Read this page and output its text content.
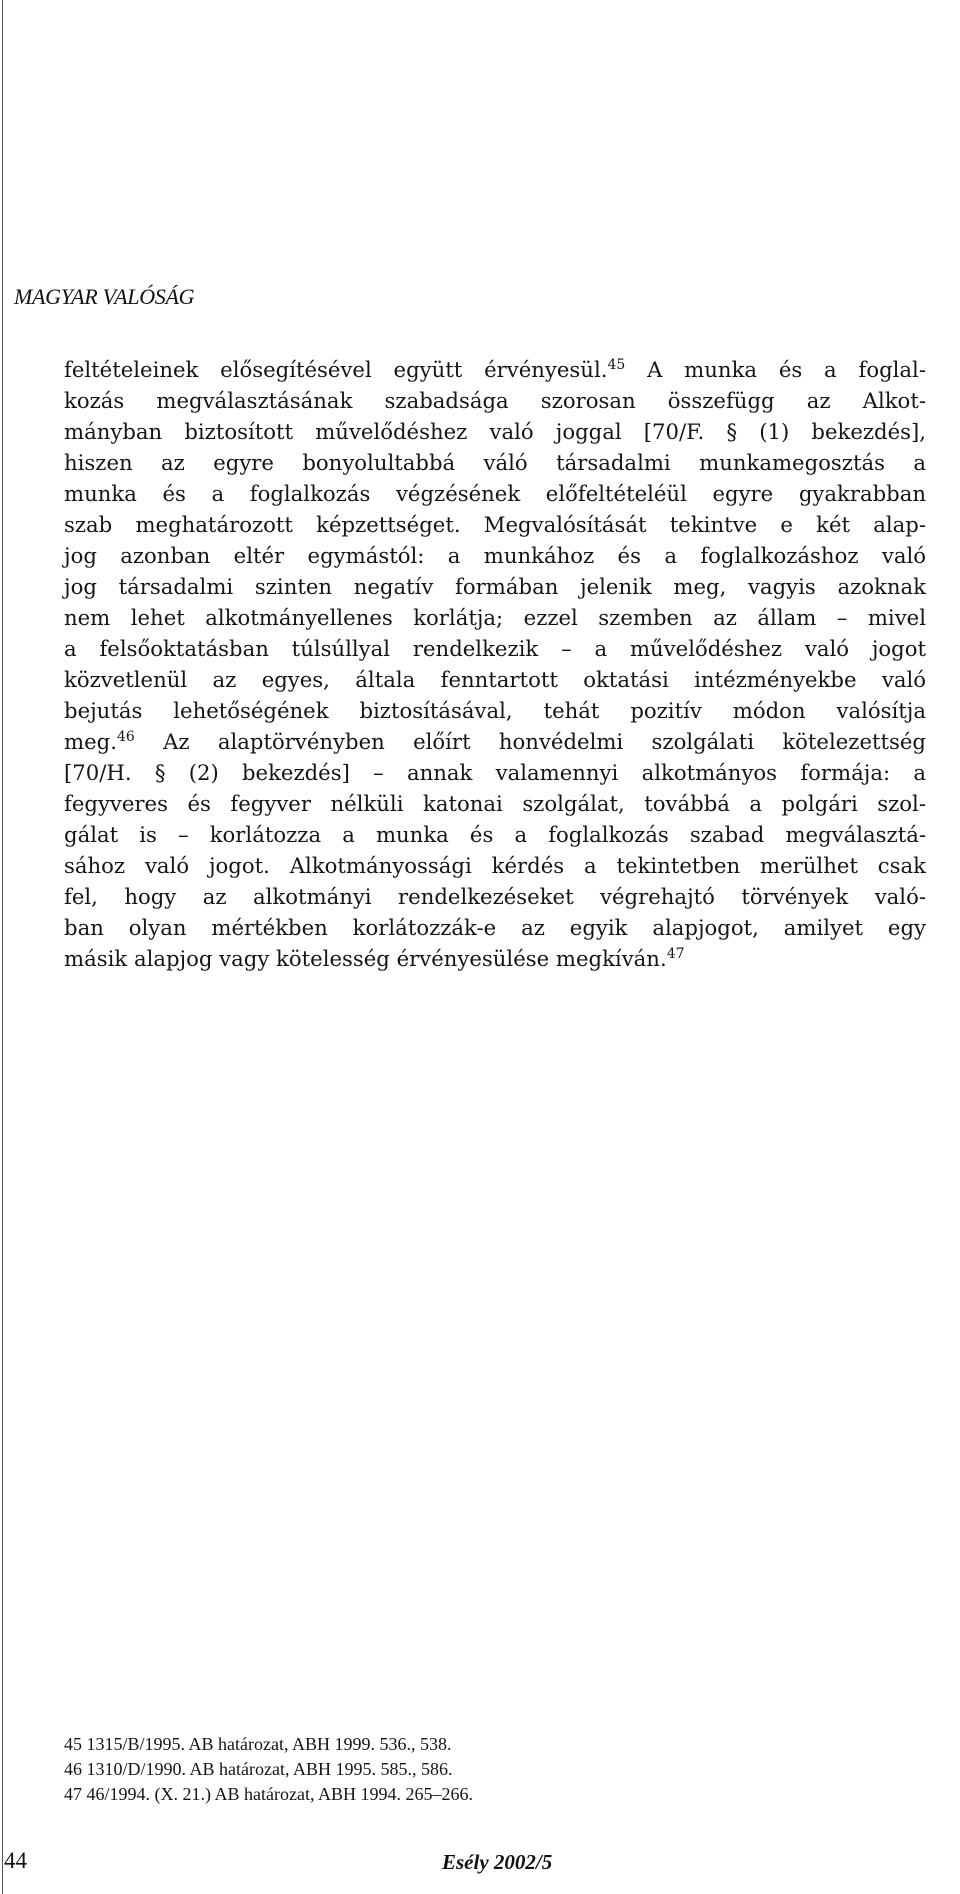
MAGYAR VALÓSÁG
feltételeinek elősegítésével együtt érvényesül.$^{45}$ A munka és a foglal-
kozás megválasztásának szabadsága szorosan összefügg az Alkot-
mányban biztosított művelődéshez való joggal [70/F. § (1) bekezdés],
hiszen az egyre bonyolultabbá váló társadalmi munkamegosztás a
munka és a foglalkozás végzésének előfeltételéül egyre gyakrabban
szab meghatározott képzettséget. Megvalósítását tekintve e két alap-
jog azonban eltér egymástól: a munkához és a foglalkozáshoz való
jog társadalmi szinten negatív formában jelenik meg, vagyis azoknak
nem lehet alkotmányellenes korlátja; ezzel szemben az állam – mivel
a felsőoktatásban túlsúllyal rendelkezik – a művelődéshez való jogot
közvetlenül az egyes, általa fenntartott oktatási intézményekbe való
bejutás lehetőségének biztosításával, tehát pozitív módon valósítja
meg.$^{46}$ Az alaptörvényben előírt honvédelmi szolgálati kötelezettség
[70/H. § (2) bekezdés] – annak valamennyi alkotmányos formája: a
fegyveres és fegyver nélküli katonai szolgálat, továbbá a polgári szol-
gálat is – korlátozza a munka és a foglalkozás szabad megválasztá-
sához való jogot. Alkotmányossági kérdés a tekintetben merülhet csak
fel, hogy az alkotmányi rendelkezéseket végrehajtó törvények való-
ban olyan mértékben korlátozzák-e az egyik alapjogot, amilyet egy
másik alapjog vagy kötelesség érvényesülése megkíván.$^{47}$
45 1315/B/1995. AB határozat, ABH 1999. 536., 538.
46 1310/D/1990. AB határozat, ABH 1995. 585., 586.
47 46/1994. (X. 21.) AB határozat, ABH 1994. 265–266.
44	Esély 2002/5
